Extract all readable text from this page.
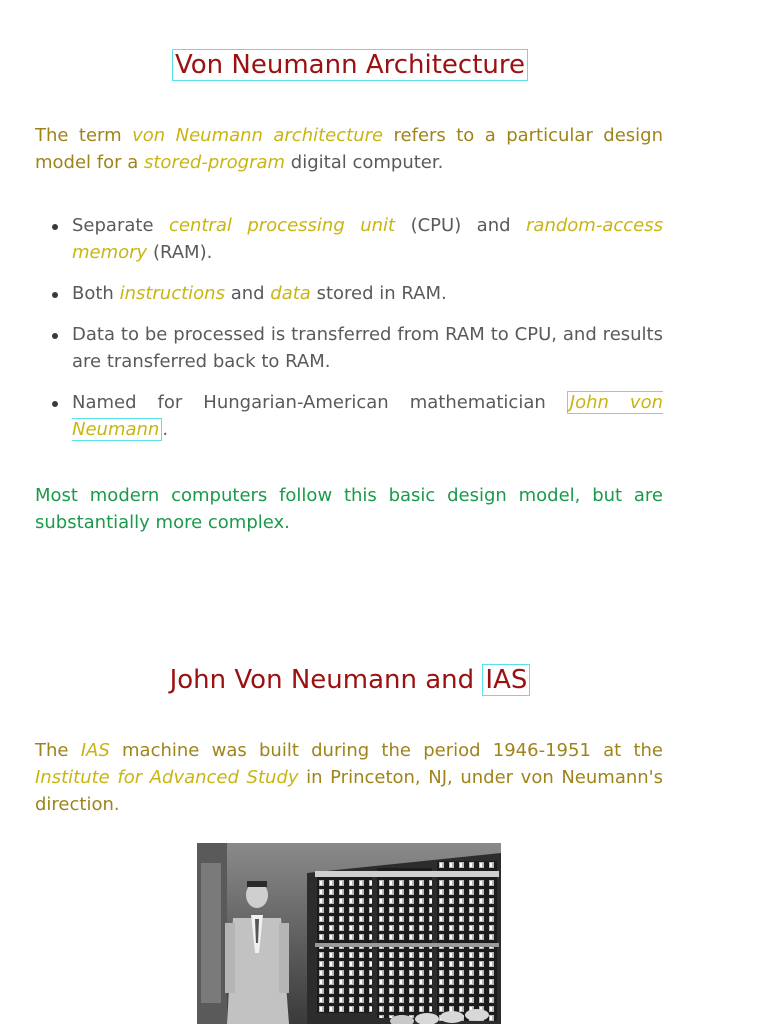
Von Neumann Architecture

The term von Neumann architecture refers to a particular design model for a stored-program digital computer.

Separate central processing unit (CPU) and random-access memory (RAM).
Both instructions and data stored in RAM.
Data to be processed is transferred from RAM to CPU, and results are transferred back to RAM.
Named for Hungarian-American mathematician John von Neumann .

Most modern computers follow this basic design model, but are substantially more complex.

John Von Neumann and IAS

The IAS machine was built during the period 1946-1951 at the Institute for Advanced Study in Princeton, NJ, under von Neumann's direction.
